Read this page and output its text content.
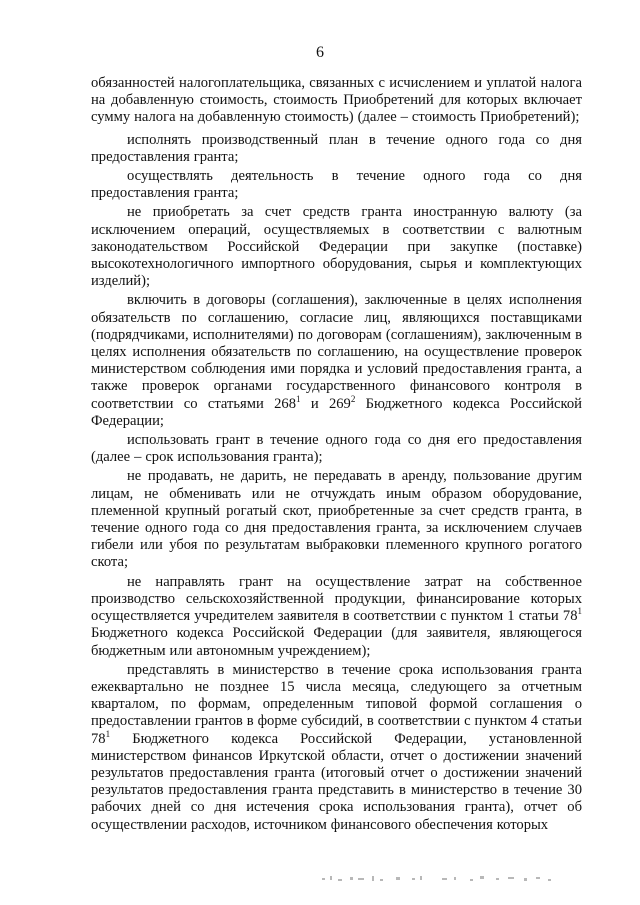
6

обязанностей налогоплательщика, связанных с исчислением и уплатой налога на добавленную стоимость, стоимость Приобретений для которых включает сумму налога на добавленную стоимость) (далее – стоимость Приобретений);

исполнять производственный план в течение одного года со дня предоставления гранта;

осуществлять деятельность в течение одного года со дня предоставления гранта;

не приобретать за счет средств гранта иностранную валюту (за исключением операций, осуществляемых в соответствии с валютным законодательством Российской Федерации при закупке (поставке) высокотехнологичного импортного оборудования, сырья и комплектующих изделий);

включить в договоры (соглашения), заключенные в целях исполнения обязательств по соглашению, согласие лиц, являющихся поставщиками (подрядчиками, исполнителями) по договорам (соглашениям), заключенным в целях исполнения обязательств по соглашению, на осуществление проверок министерством соблюдения ими порядка и условий предоставления гранта, а также проверок органами государственного финансового контроля в соответствии со статьями $268^1$ и $269^2$ Бюджетного кодекса Российской Федерации;

использовать грант в течение одного года со дня его предоставления (далее – срок использования гранта);

не продавать, не дарить, не передавать в аренду, пользование другим лицам, не обменивать или не отчуждать иным образом оборудование, племенной крупный рогатый скот, приобретенные за счет средств гранта, в течение одного года со дня предоставления гранта, за исключением случаев гибели или убоя по результатам выбраковки племенного крупного рогатого скота;

не направлять грант на осуществление затрат на собственное производство сельскохозяйственной продукции, финансирование которых осуществляется учредителем заявителя в соответствии с пунктом 1 статьи $78^1$ Бюджетного кодекса Российской Федерации (для заявителя, являющегося бюджетным или автономным учреждением);

представлять в министерство в течение срока использования гранта ежеквартально не позднее 15 числа месяца, следующего за отчетным кварталом, по формам, определенным типовой формой соглашения о предоставлении грантов в форме субсидий, в соответствии с пунктом 4 статьи $78^1$ Бюджетного кодекса Российской Федерации, установленной министерством финансов Иркутской области, отчет о достижении значений результатов предоставления гранта (итоговый отчет о достижении значений результатов предоставления гранта представить в министерство в течение 30 рабочих дней со дня истечения срока использования гранта), отчет об осуществлении расходов, источником финансового обеспечения которых
